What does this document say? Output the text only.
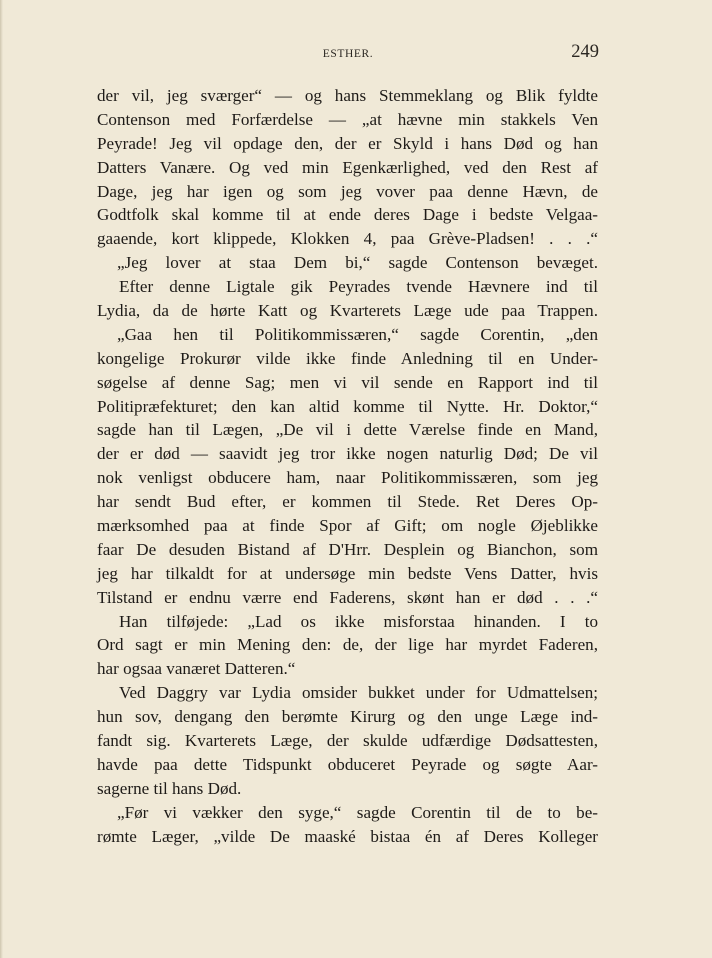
ESTHER.	249
der vil, jeg sværger“ — og hans Stemmeklang og Blik fyldte
Contenson med Forfærdelse — „at hævne min stakkels Ven
Peyrade! Jeg vil opdage den, der er Skyld i hans Død og han
Datters Vanære. Og ved min Egenkærlighed, ved den Rest af
Dage, jeg har igen og som jeg vover paa denne Hævn, de
Godtfolk skal komme til at ende deres Dage i bedste Velgaa-
gaaende, kort klippede, Klokken 4, paa Grève-Pladsen! . . .“
„Jeg lover at staa Dem bi,“ sagde Contenson bevæget.
Efter denne Ligtale gik Peyrades tvende Hævnere ind til
Lydia, da de hørte Katt og Kvarterets Læge ude paa Trappen.
„Gaa hen til Politikommissæren,“ sagde Corentin, „den
kongelige Prokurør vilde ikke finde Anledning til en Under-
søgelse af denne Sag; men vi vil sende en Rapport ind til
Politipræfekturet; den kan altid komme til Nytte. Hr. Doktor,“
sagde han til Lægen, „De vil i dette Værelse finde en Mand,
der er død — saavidt jeg tror ikke nogen naturlig Død; De vil
nok venligst obducere ham, naar Politikommissæren, som jeg
har sendt Bud efter, er kommen til Stede. Ret Deres Op-
mærksomhed paa at finde Spor af Gift; om nogle Øjeblikke
faar De desuden Bistand af D'Hrr. Desplein og Bianchon, som
jeg har tilkaldt for at undersøge min bedste Vens Datter, hvis
Tilstand er endnu værre end Faderens, skønt han er død . . .“
Han tilføjede: „Lad os ikke misforstaa hinanden. I to
Ord sagt er min Mening den: de, der lige har myrdet Faderen,
har ogsaa vanæret Datteren.“
Ved Daggry var Lydia omsider bukket under for Udmattelsen;
hun sov, dengang den berømte Kirurg og den unge Læge ind-
fandt sig. Kvarterets Læge, der skulde udfærdige Dødsattesten,
havde paa dette Tidspunkt obduceret Peyrade og søgte Aar-
sagerne til hans Død.
„Før vi vækker den syge,“ sagde Corentin til de to be-
rømte Læger, „vilde De maaské bistaa én af Deres Kolleger
